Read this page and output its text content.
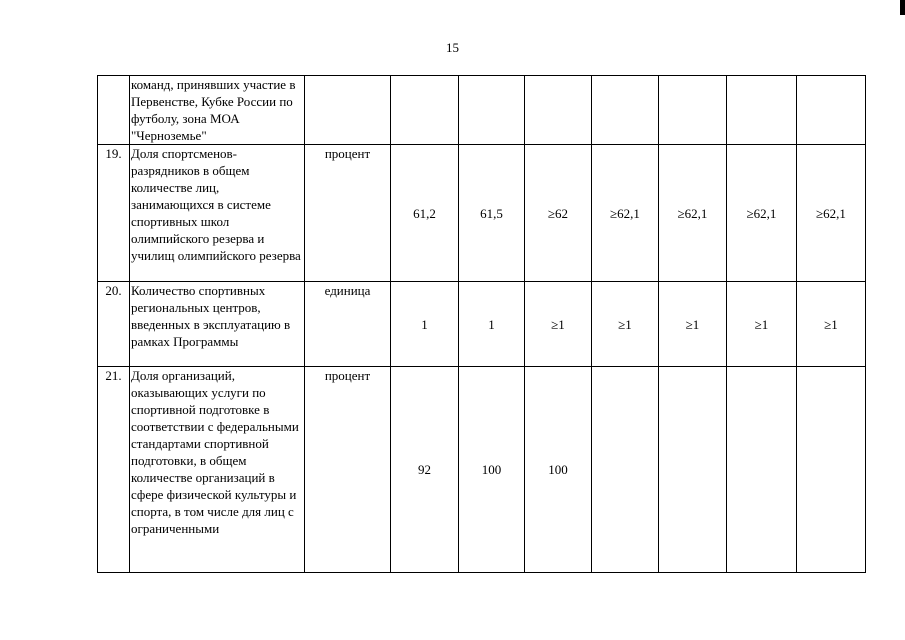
15
	команд, принявших участие в Первенстве, Кубке России по футболу, зона МОА "Черноземье"								
19.	Доля спортсменов-разрядников в общем количестве лиц, занимающихся в системе спортивных школ олимпийского резерва и училищ олимпийского резерва	процент	61,2	61,5	≥62	≥62,1	≥62,1	≥62,1	≥62,1
20.	Количество спортивных региональных центров, введенных в эксплуатацию в рамках Программы	единица	1	1	≥1	≥1	≥1	≥1	≥1
21.	Доля организаций, оказывающих услуги по спортивной подготовке в соответствии с федеральными стандартами спортивной подготовки, в общем количестве организаций в сфере физической культуры и спорта, в том числе для лиц с ограниченными	процент	92	100	100				
